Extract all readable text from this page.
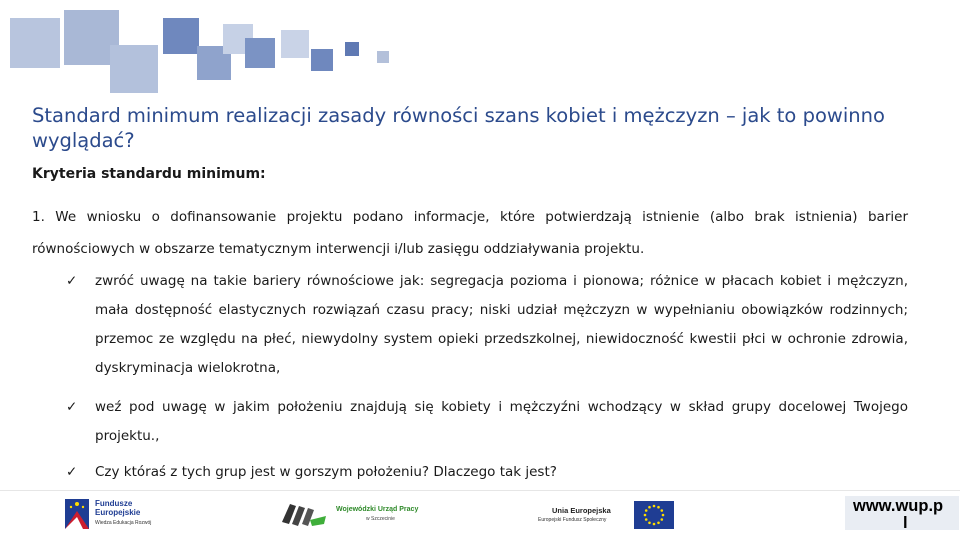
Standard minimum realizacji zasady równości szans kobiet i mężczyzn – jak to powinno wyglądać?

Kryteria standardu minimum:

1. We wniosku o dofinansowanie projektu podano informacje, które potwierdzają istnienie (albo brak istnienia) barier równościowych w obszarze tematycznym interwencji i/lub zasięgu oddziaływania projektu.

✓	zwróć uwagę na takie bariery równościowe jak: segregacja pozioma i pionowa; różnice w płacach kobiet i mężczyzn, mała dostępność elastycznych rozwiązań czasu pracy; niski udział mężczyzn w wypełnianiu obowiązków rodzinnych; przemoc ze względu na płeć, niewydolny system opieki przedszkolnej, niewidoczność kwestii płci w ochronie zdrowia, dyskryminacja wielokrotna,
✓	weź pod uwagę w jakim położeniu znajdują się kobiety i mężczyźni wchodzący w skład grupy docelowej Twojego projektu.,
✓	Czy któraś z tych grup jest w gorszym położeniu? Dlaczego tak jest?
Fundusze
Europejskie
Wiedza Edukacja Rozwój
Wojewódzki Urząd Pracy
w Szczecinie
Unia Europejska
Europejski Fundusz Społeczny
www.wup.p
l
